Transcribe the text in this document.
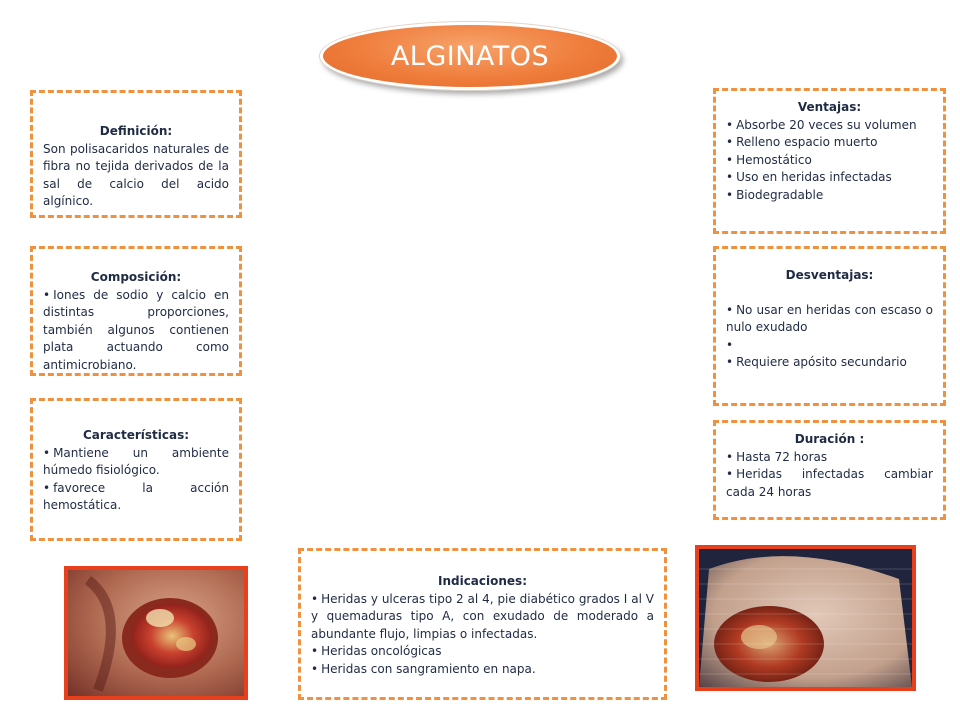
ALGINATOS
Definición:
Son polisacaridos naturales de fibra no tejida derivados de la sal de calcio del acido algínico.
Composición:
• Iones de sodio y calcio en distintas proporciones, también algunos contienen plata actuando como antimicrobiano.
Características:
• Mantiene un ambiente húmedo fisiológico.
• favorece la acción hemostática.
Ventajas:
• Absorbe 20 veces su volumen
• Relleno espacio muerto
• Hemostático
• Uso en heridas infectadas
• Biodegradable
Desventajas:
• No usar en heridas con escaso o nulo exudado
•
• Requiere apósito secundario
Duración :
• Hasta 72 horas
• Heridas infectadas cambiar cada 24 horas
Indicaciones:
• Heridas y ulceras tipo 2 al 4, pie diabético grados I al V y quemaduras tipo A, con exudado de moderado a abundante flujo, limpias o infectadas.
• Heridas oncológicas
• Heridas con sangramiento en napa.
